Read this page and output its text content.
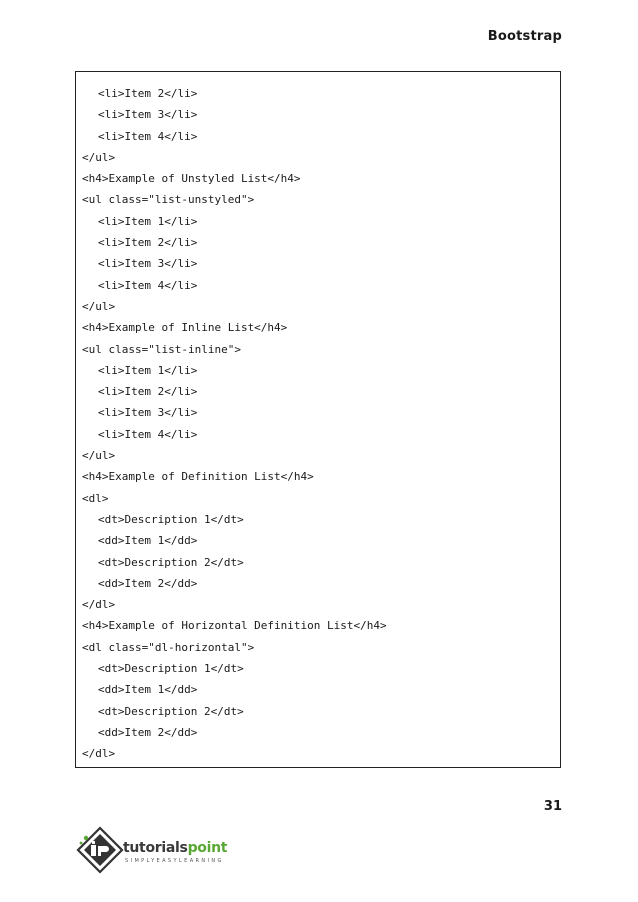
Bootstrap
<li>Item 2</li>
<li>Item 3</li>
<li>Item 4</li>
</ul>
<h4>Example of Unstyled List</h4>
<ul class="list-unstyled">
<li>Item 1</li>
<li>Item 2</li>
<li>Item 3</li>
<li>Item 4</li>
</ul>
<h4>Example of Inline List</h4>
<ul class="list-inline">
<li>Item 1</li>
<li>Item 2</li>
<li>Item 3</li>
<li>Item 4</li>
</ul>
<h4>Example of Definition List</h4>
<dl>
<dt>Description 1</dt>
<dd>Item 1</dd>
<dt>Description 2</dt>
<dd>Item 2</dd>
</dl>
<h4>Example of Horizontal Definition List</h4>
<dl class="dl-horizontal">
<dt>Description 1</dt>
<dd>Item 1</dd>
<dt>Description 2</dt>
<dd>Item 2</dd>
</dl>
31
tutorialspoint
SIMPLYEASYLEARNING
